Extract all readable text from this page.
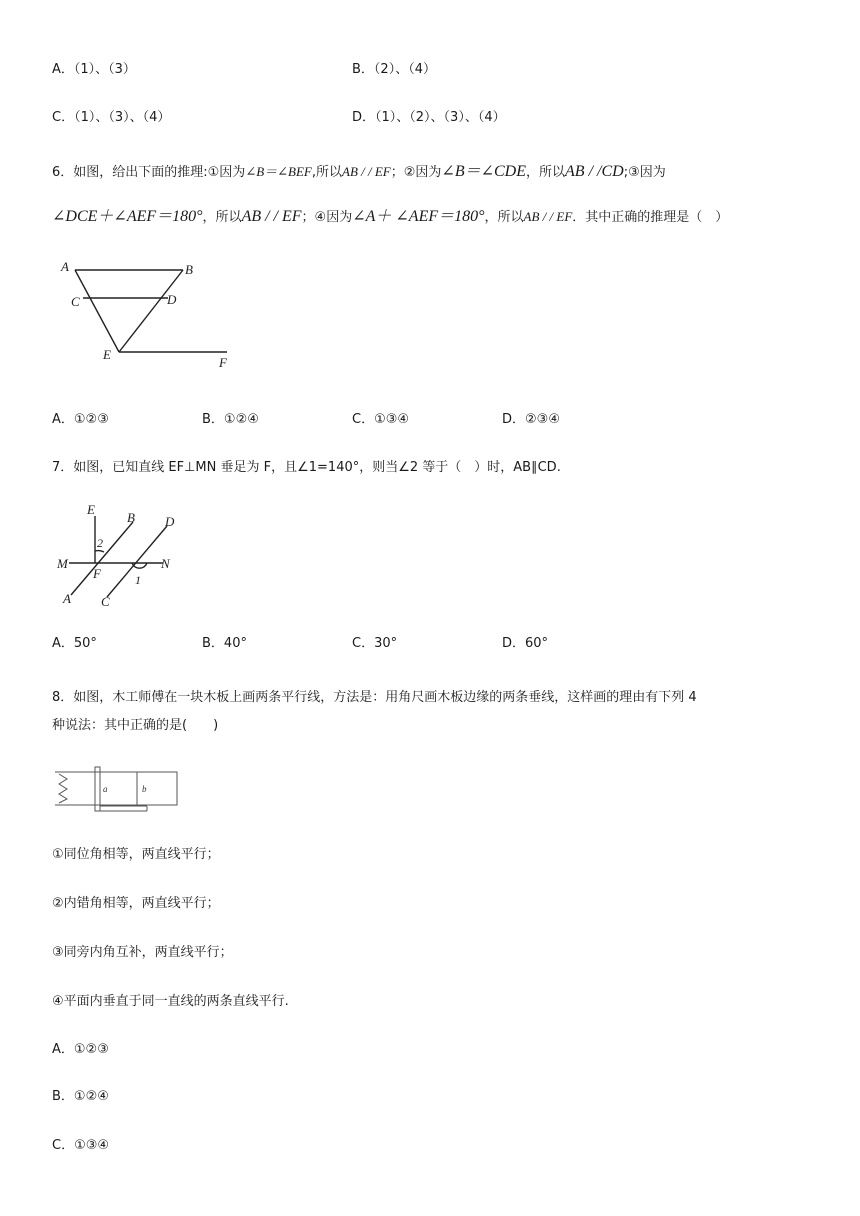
A．（1）、（3）	B．（2）、（4）
C．（1）、（3）、（4）	D．（1）、（2）、（3）、（4）
6．如图，给出下面的推理:①因为∠B＝∠BEF,所以AB / / EF；②因为∠B＝∠CDE，所以AB / /CD;③因为
∠DCE＋∠AEF＝180°，所以AB / / EF；④因为∠A＋ ∠AEF＝180°，所以AB / / EF．其中正确的推理是（　）
A	B
C	D
E
F
A．①②③	B．①②④	C．①③④	D．②③④
7．如图，已知直线 EF⊥MN 垂足为 F，且∠1=140°，则当∠2 等于（　）时，AB∥CD.
E
B D
M
F
N
A C
1
2
A．50°	B．40°	C．30°	D．60°
8．如图，木工师傅在一块木板上画两条平行线，方法是：用角尺画木板边缘的两条垂线，这样画的理由有下列 4
种说法：其中正确的是(　　)
a	b
①同位角相等，两直线平行；
②内错角相等，两直线平行；
③同旁内角互补，两直线平行；
④平面内垂直于同一直线的两条直线平行.
A．①②③
B．①②④
C．①③④
